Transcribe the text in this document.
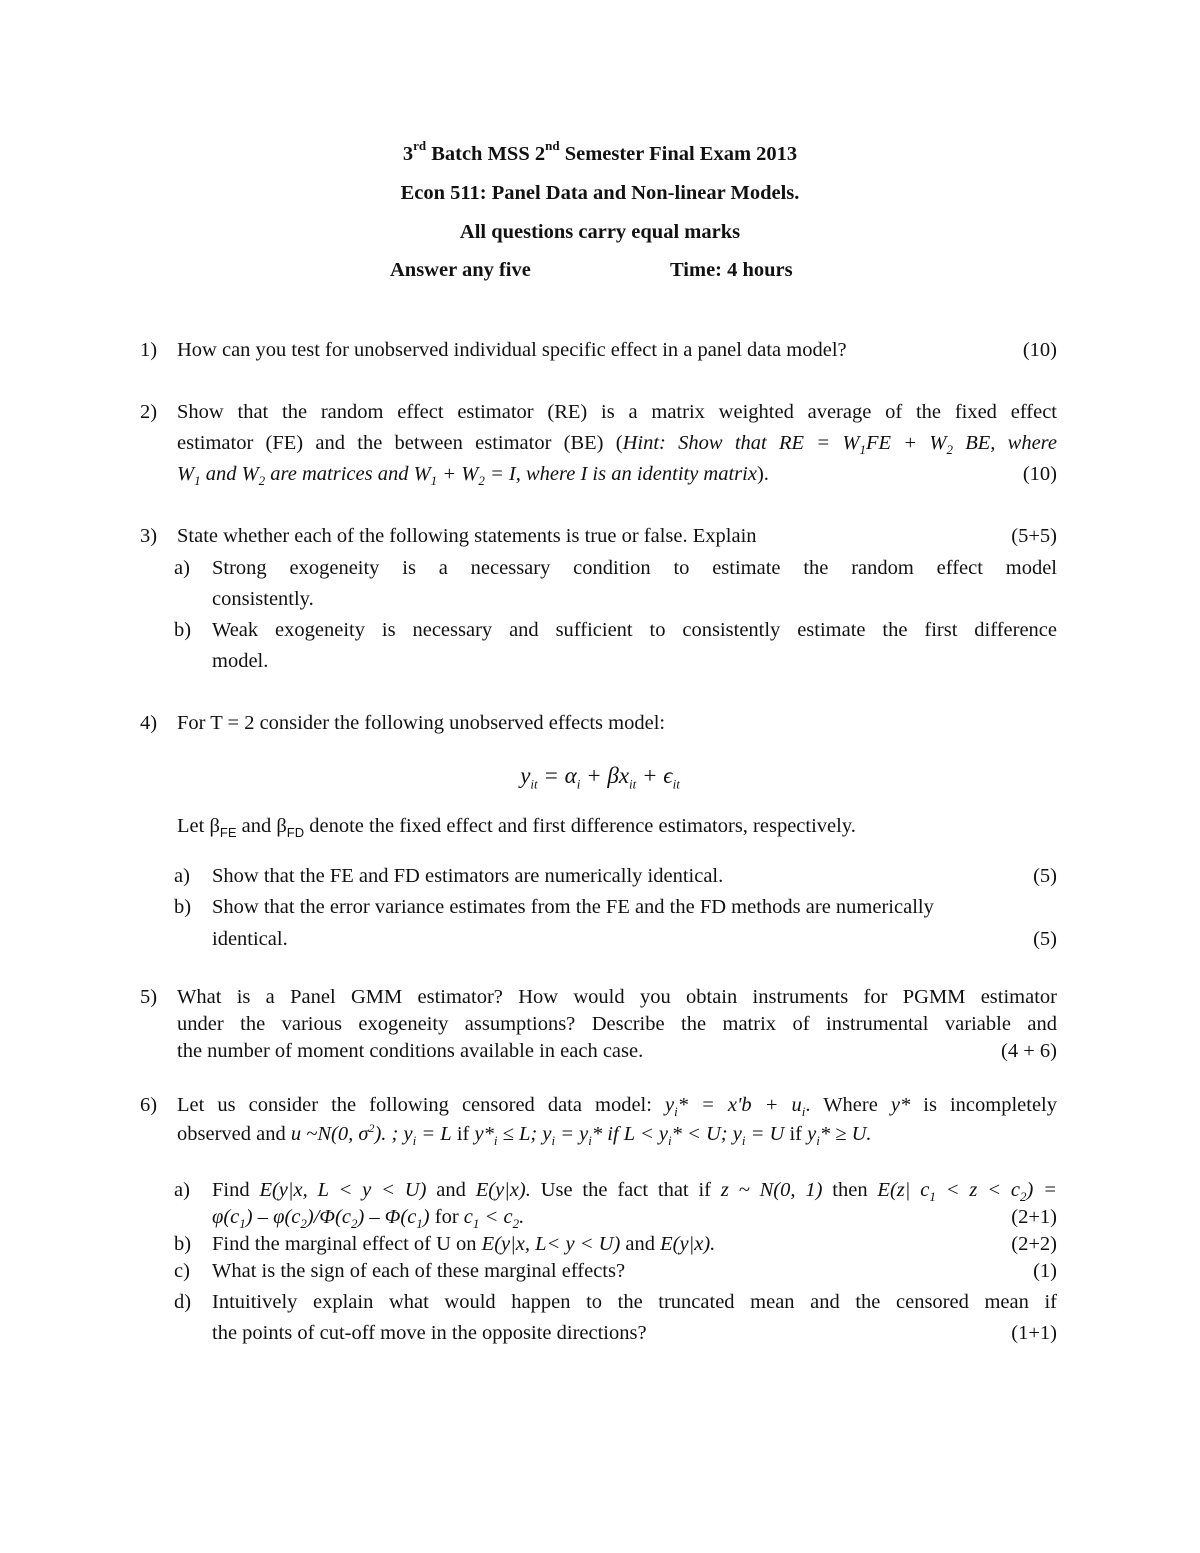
3rd Batch MSS 2nd Semester Final Exam 2013
Econ 511: Panel Data and Non-linear Models.
All questions carry equal marks
Answer any five	Time: 4 hours
1) How can you test for unobserved individual specific effect in a panel data model?	(10)
2) Show that the random effect estimator (RE) is a matrix weighted average of the fixed effect
estimator (FE) and the between estimator (BE) (Hint: Show that RE = $W_1FE + W_2$ BE, where
$W_1$ and $W_2$ are matrices and $W_1 + W_2 = I$, where I is an identity matrix).	(10)
3) State whether each of the following statements is true or false. Explain	(5+5)
a) Strong exogeneity is a necessary condition to estimate the random effect model
consistently.
b) Weak exogeneity is necessary and sufficient to consistently estimate the first difference
model.
4) For T = 2 consider the following unobserved effects model:
$y_{it} = \alpha_i + \beta x_{it} + \epsilon_{it}$
Let $\beta_{FE}$ and $\beta_{FD}$ denote the fixed effect and first difference estimators, respectively.
a) Show that the FE and FD estimators are numerically identical.	(5)
b) Show that the error variance estimates from the FE and the FD methods are numerically
identical.	(5)
5) What is a Panel GMM estimator? How would you obtain instruments for PGMM estimator
under the various exogeneity assumptions? Describe the matrix of instrumental variable and
the number of moment conditions available in each case.	(4 + 6)
6) Let us consider the following censored data model: $y_i* = x'b + u_i$. Where y* is incompletely
observed and u ~N(0, $\sigma^2$). ; $y_i = L$ if $y*_i \le L$; $y_i = y_i*$ if $L < y_i* < U$; $y_i = U$ if $y_i* \ge U$.
a) Find E(y|x, L < y < U) and E(y|x). Use the fact that if z ~ N(0, 1) then E(z| $c_1 < z < c_2$) =
$\varphi(c_1) - \varphi(c_2)/\Phi(c_2) - \Phi(c_1)$ for $c_1 < c_2$.	(2+1)
b) Find the marginal effect of U on E(y|x, L< y < U) and E(y|x).	(2+2)
c) What is the sign of each of these marginal effects?	(1)
d) Intuitively explain what would happen to the truncated mean and the censored mean if
the points of cut-off move in the opposite directions?	(1+1)
